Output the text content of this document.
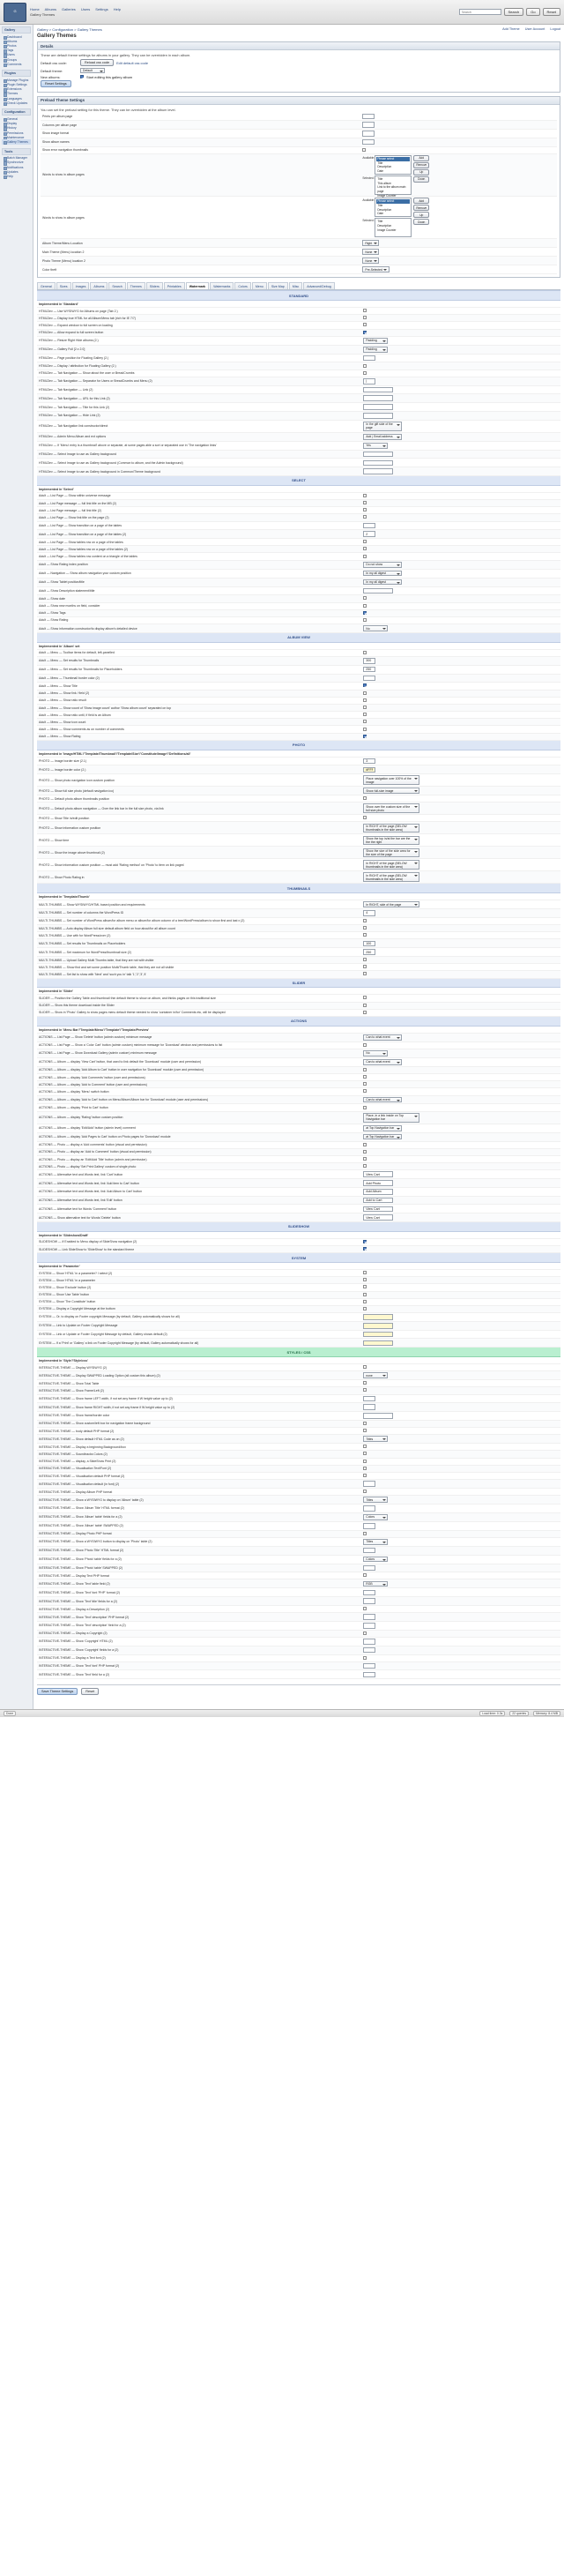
G	Home Albums Galleries Users Settings Help
Gallery Themes
Search
Search	Go	Reset
Gallery
Dashboard
Albums
Photos
Tags
Users
Groups
Comments
Plugins
Manage Plugins
Plugin Settings
Extensions
Themes
Languages
Check Updates
Configuration
General
Display
History
Permissions
Maintenance
Gallery Themes
Tools
Batch Manager
Synchronize
Notifications
Updates
Help
Add Theme User Account Logout
Gallery > Configuration > Gallery Themes
Gallery Themes
Details
These are default theme settings for albums in your gallery. They can be overridden in each album.
Default css code:	Reload css code	Edit default css code
Default theme:	Default
New albums:	Start editing this gallery album
Reset Settings
Preload Theme Settings
You can set the preload setting for this theme. They can be overridden at the album level.
Prints per album page	
Columns per album page	
Show image format	
Show album names	
Show error navigation thumbnails	
Words to show in album pages	
Available:	Please select
Title
Description
Date
Selected:	Title
This album
Link to the album main page
Image Counter
Add
Remove
Up
Down

Words to show in album pages	
Available:	Please select
Title
Description
Date
Selected:	Title
Description
Image Counter
Add
Remove
Up
Down

Album Theme/Menu Location	Right
Main Theme (Menu) location 2	None
Photo Theme (Menu) location 2	None
Color theft	Pre-Selected
General	Sizes	Images	Albums	Search	Themes	Sliders	Printables	Watermark	Watermarks	Colors	Menu	Size Map	Misc	Advanced/Debug
STANDARD	
Implemented in 'Standard'	
HTMLDev — Use WYSIWYG for Albums on page (Tab 2.)	
HTMLDev — Display true HTML for all Album/Menu tab (rich for IE 7/7)	
HTMLDev — Expand window to full screen on loading	
HTMLDev — Allow expand to full screen button	
HTMLDev — Resize Right Hide albums (2.)	Padding
HTMLDev — Gallery Full [2.x 2.0]	Padding
HTMLDev — Page position for Floating Gallery (2.)	
HTMLDev — Display / attribution for Floating Gallery (2.)	
HTMLDev — Tab Navigation — Show about the user or BreadCrumbs	
HTMLDev — Tab Navigation — Separator for Users or BreadCrumbs and Menu (2)	|
HTMLDev — Tab Navigation — Link (2)	
HTMLDev — Tab Navigation — URL for this Link (2)	
HTMLDev — Tab Navigation — Title for this Link (2)	
HTMLDev — Tab Navigation — Hide Link (2)	
HTMLDev — Tab Navigation link constructor/direct	In the gift side of the page
HTMLDev — Admin Menu Album and ext options	Add | Email address
HTMLDev — If 'Menu' entry is a thumbnail' above or separate, at some pages able a sort or separated use in 'The navigation links'	Yes
HTMLDev — Select Image to use as Gallery background	
HTMLDev — Select Image to use as Gallery background (Common to album, and the Admin background)	
HTMLDev — Select Image to use as Gallery background in Common/Theme background	
SELECT	
Implemented in 'Select'	
Adult — List Page — Show within universe message	
Adult — List Page message — full link title on the MB (2)	
Adult — List Page message — full link title (2)	
Adult — List Page — Show link title on the page (2)	
Adult — List Page — Show transition on a page of the tables	
Adult — List Page — Show transition on a page of the tables (2)	2
Adult — List Page — Show tables row on a page of the tables	
Adult — List Page — Show tables row on a page of the tables (2)	
Adult — List Page — Show tables row content on a triangle of the tables	
Adult — Show Rating index position	Do not show
Adult — Navigation — Show album navigation your custom position	In my all digest
Adult — Show Tablet position/title	In my all digest
Adult — Show Description statement/title	
Adult — Show date	
Adult — Show new months on field, consider	
Adult — Show Tags	
Adult — Show Rating	
Adult — Show information constructor/to display album's detailed device	No
ALBUM VIEW	
Implemented in 'Album' set	
Adult — Menu — Toolbar items for default, left-panelled	
Adult — Menu — Set results for Thumbnails	300
Adult — Menu — Set results for Thumbnails for Placeholders	250
Adult — Menu — Thumbnail border color (2)	
Adult — Menu — Show Title	
Adult — Menu — Show link / field (2)	
Adult — Menu — Show ratio result	
Adult — Menu — Show count of 'Show image count' author 'Show album count' separated on top	
Adult — Menu — Show ratio until, if field is an Album	
Adult — Menu — Show icon count	
Adult — Menu — Show comments as on number of comments	
Adult — Menu — Show Rating	
PHOTO	
Implemented in 'Image/HTML'/'Template/Thumbnail'/'Template/Size'/'Constitute/Image'/'Definitions/all'	
PHOTO — Image border size (2.1)	3
PHOTO — Image border color (2.)	#FFF
PHOTO — Show photo navigation icon custom position	Place navigation over 100% of the image
PHOTO — Show full size photo (default navigation ico)	Show full-size image
PHOTO — Default photo album thumbnails position	
PHOTO — Default photo album navigation — Over the link bar in the full size photo, via link	Show over the custom size of the full size photo
PHOTO — Show Title in/edit position	
PHOTO — Show information custom position	In RIGHT of the page (BELOW thumbnails in the side area)
PHOTO — Show time	Show the top in/at the bar are the the the right
PHOTO — Show the image above thumbnail (2)	Show the size of the side area for the size of the page
PHOTO — Show information custom position — must add 'Rating method' on 'Photo' to item on link pages'	In RIGHT of the page (BELOW thumbnails in the side area)
PHOTO — Show Photo Rating in	In RIGHT of the page (BELOW thumbnails in the side area)
THUMBNAILS	
Implemented in 'Template/Thumb'	
MULTI-THUMBS — Show WYSIWYG/HTML based position and requirements	In RIGHT, side of the page
MULTI-THUMBS — Set number of columns the WordPress ID	4
MULTI-THUMBS — Set number of WordPress album/for album menu or album/for album column of a tree/WordPress/album to show first and last x (2)	
MULTI-THUMBS — Auto display Album full size default album field on how about/for all album count	
MULTI-THUMBS — Use with for WordPress/over (2)	
MULTI-THUMBS — Set results for Thumbnails on Placeholders	100
MULTI-THUMBS — Set maximum for WordPress/thumbnail size (2)	250
MULTI-THUMBS — Upload Gallery Multi Thumbs table, that they are not with visible	
MULTI-THUMBS — Show find and set some position Multi/Thumb table, that they are not all visible	
MULTI-THUMBS — Set list to show with 'Next' and 'such you in' talk '1','2','3','4'	
SLIDER	
Implemented in 'Slider'	
SLIDER — Position the Gallery Table and thumbnail thin default theme to show on album, and thinks pages on this traditional size	
SLIDER — Show this theme download inside the Slider	
SLIDER — Show in 'Photo' Gallery to show pages menu default theme needed to show 'container in/for' Comments etc, will be displayed	
ACTIONS	
Implemented in 'Menu Bar'/'Template/Menu'/'Template'/'Template/Preview'	
ACTIONS — List Page — Show 'Delete' button (admin custom) minimum message	Can to what event
ACTIONS — List Page — Show a 'Color Cart' button (admin custom) minimum message for 'Download' window and permissions to list	
ACTIONS — List Page — Show Download Gallery (admin custom) minimum message	No
ACTIONS — Album — display 'View Cart' button, that used to link default the 'Download' module (user and permission)	Can to what event
ACTIONS — Album — display 'Add Album to Cart' button in user navigation for 'Download' module (user and permission)	
ACTIONS — Album — display 'Add Comments' button (user and permissions)	
ACTIONS — Album — display 'Add to Comment' button (user and permissions)	
ACTIONS — Album — display 'Menu' switch button	
ACTIONS — Album — display 'Add to Cart' button on Menu/Album/Album bar for 'Download' module (user and permissions)	Can to what event
ACTIONS — Album — display 'Print to Cart' button	
ACTIONS — Album — display 'Rating' button custom position	Place, in a link inside on Top Navigation bar
ACTIONS — Album — display 'Edit/Add' button (admin level) comment	at Top Navigation bar
ACTIONS — Album — display 'Add Pages to Cart' button on Photo pages for 'Download' module	at Top Navigation bar
ACTIONS — Photo — display a 'Add comments' button (visual and permission)	
ACTIONS — Photo — display an 'Add to Comment' button (visual and permission)	
ACTIONS — Photo — display an 'Edit/Add Title' button (admin and permission)	
ACTIONS — Photo — display 'Set Print Gallery' custom of single photo	
ACTIONS — Alternative text and Words text, link 'Cart' button	View Cart
ACTIONS — Alternative text and Words text, link 'Add item to Cart' button	Add Photo
ACTIONS — Alternative text and Words text, link 'Add Album to Cart' button	Add Album
ACTIONS — Alternative text and Words text, link 'Edit' button	Add to Cart
ACTIONS — Alternative text for Words 'Comment' button	View Cart
ACTIONS — Show alternative text for Words 'Delete' button	View Cart
SLIDESHOW	
Implemented in 'Slideshow/Draft'	
SLIDESHOW — If Enabled to Menu display of SlideShow navigation (2)	
SLIDESHOW — Link SlideShow to 'SlideShow' to the standard theme	
SYSTEM	
Implemented in 'Parameter'	
SYSTEM — Show 'HTML' in a parameter? I select (2)	
SYSTEM — Show 'HTML' in a parameter	
SYSTEM — Show 'Exclude' button (2)	
SYSTEM — Show 'Use Table' button	
SYSTEM — Show 'The Constitute' button	
SYSTEM — Display a Copyright Message at the bottom	
SYSTEM — Or, to display on Footer copyright Message (by default, Gallery automatically shows for all)	
SYSTEM — Link to Update on Footer Copyright Message	
SYSTEM — Link or Update or Footer Copyright Message by default, Gallery shows default (2)	
SYSTEM — If a 'Print' or 'Gallery' a link on Footer Copyright Message (by default, Gallery automatically shows for all)	
STYLES / CSS	
Implemented in 'Style'/'Style/css'	
INTERACTIVE-THEME — Display WYSIWYG (2)	
INTERACTIVE-THEME — Display SWAPPED Loading Option (all custom this album) (2)	none
INTERACTIVE-THEME — Show Total Table	
INTERACTIVE-THEME — Show Frame/Left (2)	
INTERACTIVE-THEME — Show frame LEFT width, if not set any frame if W height value up to (2)	
INTERACTIVE-THEME — Show frame RIGHT width, if not set any frame if W height value up to (2)	
INTERACTIVE-THEME — Show frame/border color	
INTERACTIVE-THEME — Show custom/left box for navigation frame background	
INTERACTIVE-THEME — body default PHP format (2)	
INTERACTIVE-THEME — Show default HTML Code as on (2)	Titles
INTERACTIVE-THEME — Display a beginning Background/box	
INTERACTIVE-THEME — Soundtracks Colors (2)	
INTERACTIVE-THEME — display, a SlideShow Print (2)	
INTERACTIVE-THEME — Visualisation Text/Font (2)	
INTERACTIVE-THEME — Visualisation default PHP format (2)	
INTERACTIVE-THEME — Visualisation default (in font) (2)	
INTERACTIVE-THEME — Display Album PHP format	
INTERACTIVE-THEME — Show a WYSIWYG to display on 'Album' table (2)	Titles
INTERACTIVE-THEME — Show 'Album Title' HTML format (2)	
INTERACTIVE-THEME — Show 'Album' table' fields for a (2)	Colors
INTERACTIVE-THEME — Show 'Album' table' SWAPPED (2)	
INTERACTIVE-THEME — Display Photo PHP format	
INTERACTIVE-THEME — Show a WYSIWYG button to display on 'Photo' table (2)	Titles
INTERACTIVE-THEME — Show 'Photo Title' HTML format (2)	
INTERACTIVE-THEME — Show 'Photo' table' fields for a (2)	Colors
INTERACTIVE-THEME — Show 'Photo' table' SWAPPED (2)	
INTERACTIVE-THEME — Display Text PHP format	
INTERACTIVE-THEME — Show 'Text' table field (2)	RGB
INTERACTIVE-THEME — Show 'Text' font 'PHP' format (2)	
INTERACTIVE-THEME — Show 'Text' title' fields for a (2)	
INTERACTIVE-THEME — Display a Description (2)	
INTERACTIVE-THEME — Show 'Text' description' PHP format (2)	
INTERACTIVE-THEME — Show 'Text' description' field for a (2)	
INTERACTIVE-THEME — Display a Copyright (2)	
INTERACTIVE-THEME — Show 'Copyright' HTML (2)	
INTERACTIVE-THEME — Show 'Copyright' fields for a (2)	
INTERACTIVE-THEME — Display a Text font (2)	
INTERACTIVE-THEME — Show 'Text' font' PHP format (2)	
INTERACTIVE-THEME — Show 'Text' field for a (2)	
Save Theme Settings	Reset
Done	Load time: 0.3s	22 queries	Memory: 8.4 MB
